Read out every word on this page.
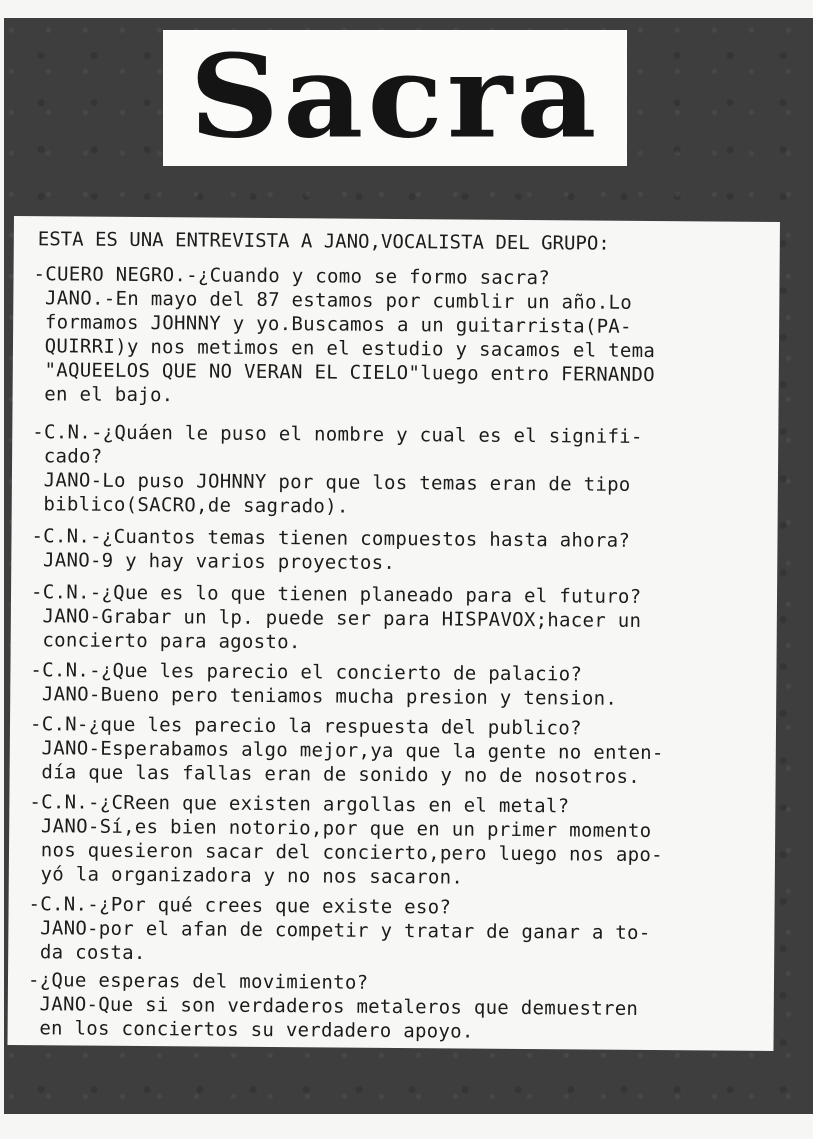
Sacra
ESTA ES UNA ENTREVISTA A JANO,VOCALISTA DEL GRUPO:
-CUERO NEGRO.-¿Cuando y como se formo sacra?
JANO.-En mayo del 87 estamos por cumblir un año.Lo
formamos JOHNNY y yo.Buscamos a un guitarrista(PA-
QUIRRI)y nos metimos en el estudio y sacamos el tema
"AQUEELOS QUE NO VERAN EL CIELO"luego entro FERNANDO
en el bajo.
-C.N.-¿Quáen le puso el nombre y cual es el signifi-
cado?
JANO-Lo puso JOHNNY por que los temas eran de tipo
biblico(SACRO,de sagrado).
-C.N.-¿Cuantos temas tienen compuestos hasta ahora?
JANO-9 y hay varios proyectos.
-C.N.-¿Que es lo que tienen planeado para el futuro?
JANO-Grabar un lp. puede ser para HISPAVOX;hacer un
concierto para agosto.
-C.N.-¿Que les parecio el concierto de palacio?
JANO-Bueno pero teniamos mucha presion y tension.
-C.N-¿que les parecio la respuesta del publico?
JANO-Esperabamos algo mejor,ya que la gente no enten-
día que las fallas eran de sonido y no de nosotros.
-C.N.-¿CReen que existen argollas en el metal?
JANO-Sí,es bien notorio,por que en un primer momento
nos quesieron sacar del concierto,pero luego nos apo-
yó la organizadora y no nos sacaron.
-C.N.-¿Por qué crees que existe eso?
JANO-por el afan de competir y tratar de ganar a to-
da costa.
-¿Que esperas del movimiento?
JANO-Que si son verdaderos metaleros que demuestren
en los conciertos su verdadero apoyo.
